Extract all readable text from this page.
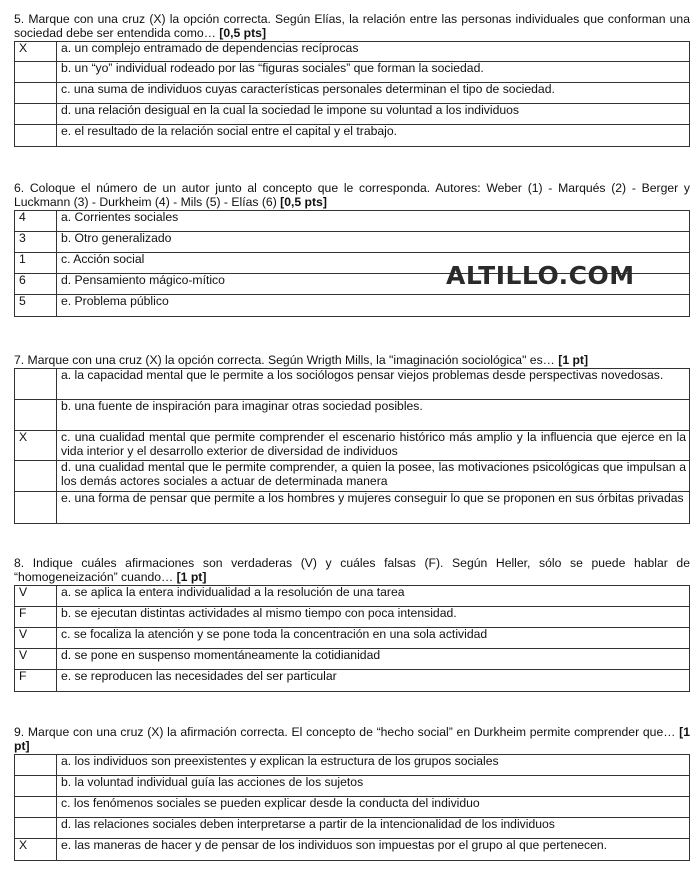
5. Marque con una cruz (X) la opción correcta. Según Elías, la relación entre las personas individuales que conforman una sociedad debe ser entendida como… [0,5 pts]

X	a. un complejo entramado de dependencias recíprocas
	b. un “yo” individual rodeado por las “figuras sociales” que forman la sociedad.
	c. una suma de individuos cuyas características personales determinan el tipo de sociedad.
	d. una relación desigual en la cual la sociedad le impone su voluntad a los individuos
	e. el resultado de la relación social entre el capital y el trabajo.

6. Coloque el número de un autor junto al concepto que le corresponda. Autores: Weber (1) - Marqués (2) - Berger y Luckmann (3) - Durkheim (4) - Mils (5) - Elías (6) [0,5 pts]

4	a. Corrientes sociales
3	b. Otro generalizado
1	c. Acción social
6	d. Pensamiento mágico-mítico
5	e. Problema público
ALTILLO.COM

7. Marque con una cruz (X) la opción correcta. Según Wrigth Mills, la "imaginación sociológica" es… [1 pt]

	a. la capacidad mental que le permite a los sociólogos pensar viejos problemas desde perspectivas novedosas.
	b. una fuente de inspiración para imaginar otras sociedad posibles.
X	c. una cualidad mental que permite comprender el escenario histórico más amplio y la influencia que ejerce en la vida interior y el desarrollo exterior de diversidad de individuos
	d. una cualidad mental que le permite comprender, a quien la posee, las motivaciones psicológicas que impulsan a los demás actores sociales a actuar de determinada manera
	e. una forma de pensar que permite a los hombres y mujeres conseguir lo que se proponen en sus órbitas privadas

8. Indique cuáles afirmaciones son verdaderas (V) y cuáles falsas (F). Según Heller, sólo se puede hablar de “homogeneización” cuando… [1 pt]

V	a. se aplica la entera individualidad a la resolución de una tarea
F	b. se ejecutan distintas actividades al mismo tiempo con poca intensidad.
V	c. se focaliza la atención y se pone toda la concentración en una sola actividad
V	d. se pone en suspenso momentáneamente la cotidianidad
F	e. se reproducen las necesidades del ser particular

9. Marque con una cruz (X) la afirmación correcta. El concepto de “hecho social” en Durkheim permite comprender que… [1 pt]

	a. los individuos son preexistentes y explican la estructura de los grupos sociales
	b. la voluntad individual guía las acciones de los sujetos
	c. los fenómenos sociales se pueden explicar desde la conducta del individuo
	d. las relaciones sociales deben interpretarse a partir de la intencionalidad de los individuos
X	e. las maneras de hacer y de pensar de los individuos son impuestas por el grupo al que pertenecen.
